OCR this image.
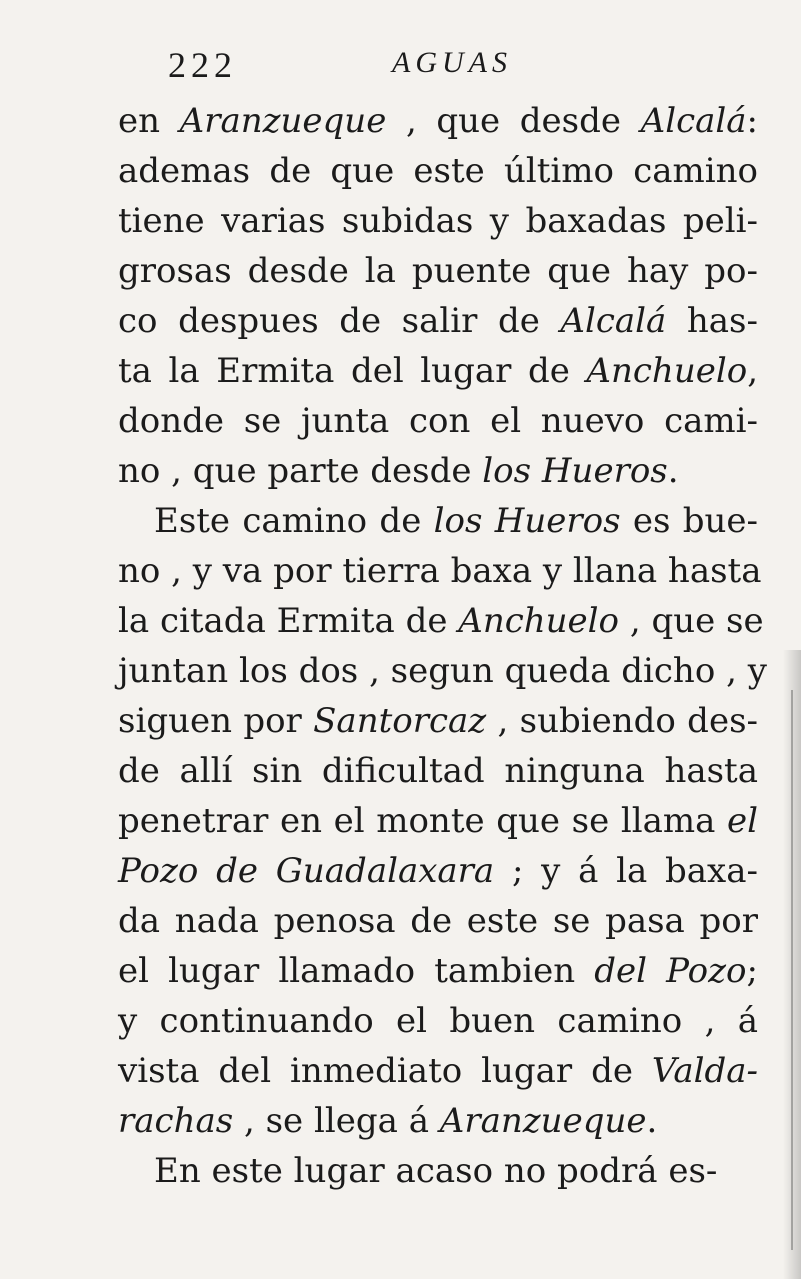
222	AGUAS
en Aranzueque , que desde Alcalá:
ademas de que este último camino
tiene varias subidas y baxadas peli-
grosas desde la puente que hay po-
co despues de salir de Alcalá has-
ta la Ermita del lugar de Anchuelo,
donde se junta con el nuevo cami-
no , que parte desde los Hueros.
Este camino de los Hueros es bue-
no , y va por tierra baxa y llana hasta
la citada Ermita de Anchuelo , que se
juntan los dos , segun queda dicho , y
siguen por Santorcaz , subiendo des-
de allí sin dificultad ninguna hasta
penetrar en el monte que se llama el
Pozo de Guadalaxara ; y á la baxa-
da nada penosa de este se pasa por
el lugar llamado tambien del Pozo;
y continuando el buen camino , á
vista del inmediato lugar de Valda-
rachas , se llega á Aranzueque.
En este lugar acaso no podrá es-
